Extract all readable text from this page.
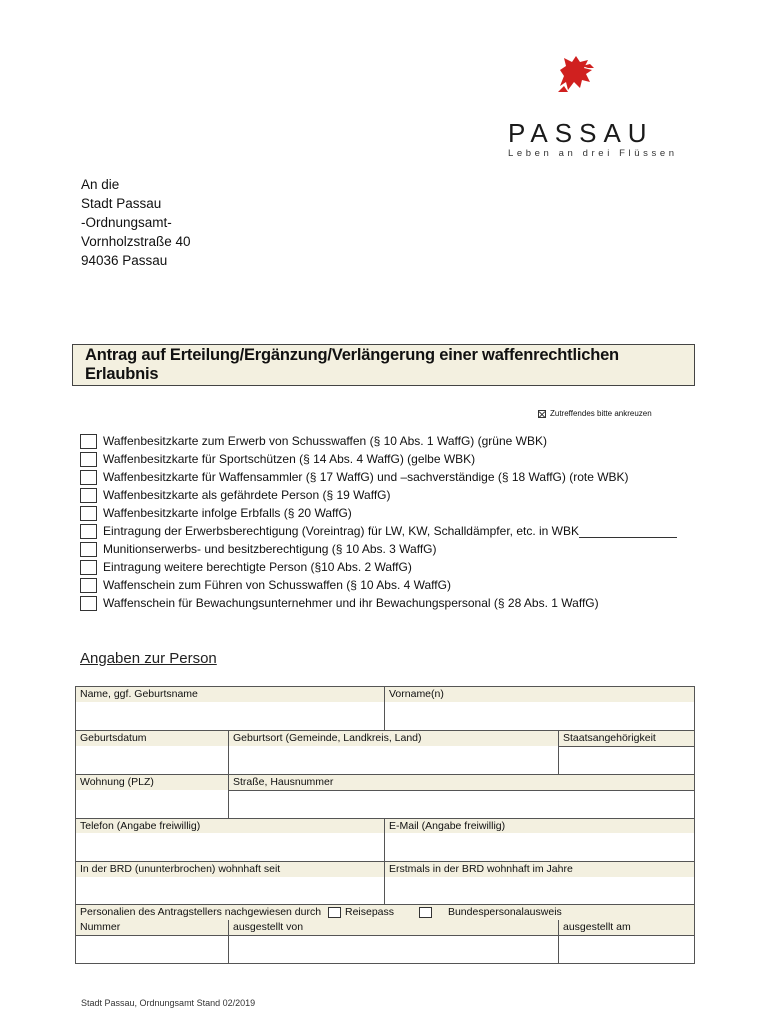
PASSAU
Leben an drei Flüssen
An die
Stadt Passau
-Ordnungsamt-
Vornholzstraße 40
94036 Passau
Antrag auf Erteilung/Ergänzung/Verlängerung einer waffenrechtlichen Erlaubnis
Zutreffendes bitte ankreuzen
Waffenbesitzkarte zum Erwerb von Schusswaffen (§ 10 Abs. 1 WaffG) (grüne WBK)
Waffenbesitzkarte für Sportschützen (§ 14 Abs. 4 WaffG) (gelbe WBK)
Waffenbesitzkarte für Waffensammler (§ 17 WaffG) und –sachverständige (§ 18 WaffG) (rote WBK)
Waffenbesitzkarte als gefährdete Person (§ 19 WaffG)
Waffenbesitzkarte infolge Erbfalls (§ 20 WaffG)
Eintragung der Erwerbsberechtigung (Voreintrag) für LW, KW, Schalldämpfer, etc. in WBK
Munitionserwerbs- und besitzberechtigung (§ 10 Abs. 3 WaffG)
Eintragung weitere berechtigte Person (§10 Abs. 2 WaffG)
Waffenschein zum Führen von Schusswaffen (§ 10 Abs. 4 WaffG)
Waffenschein für Bewachungsunternehmer und ihr Bewachungspersonal (§ 28 Abs. 1 WaffG)
Angaben zur Person
Name, ggf. Geburtsname	Vorname(n)
Geburtsdatum	Geburtsort (Gemeinde, Landkreis, Land)	Staatsangehörigkeit
Wohnung (PLZ)	Straße, Hausnummer
Telefon (Angabe freiwillig)	E-Mail (Angabe freiwillig)
In der BRD (ununterbrochen) wohnhaft seit	Erstmals in der BRD wohnhaft im Jahre
Personalien des Antragstellers nachgewiesen durch Reisepass	Bundespersonalausweis
Nummer	ausgestellt von	ausgestellt am
Stadt Passau, Ordnungsamt Stand 02/2019
